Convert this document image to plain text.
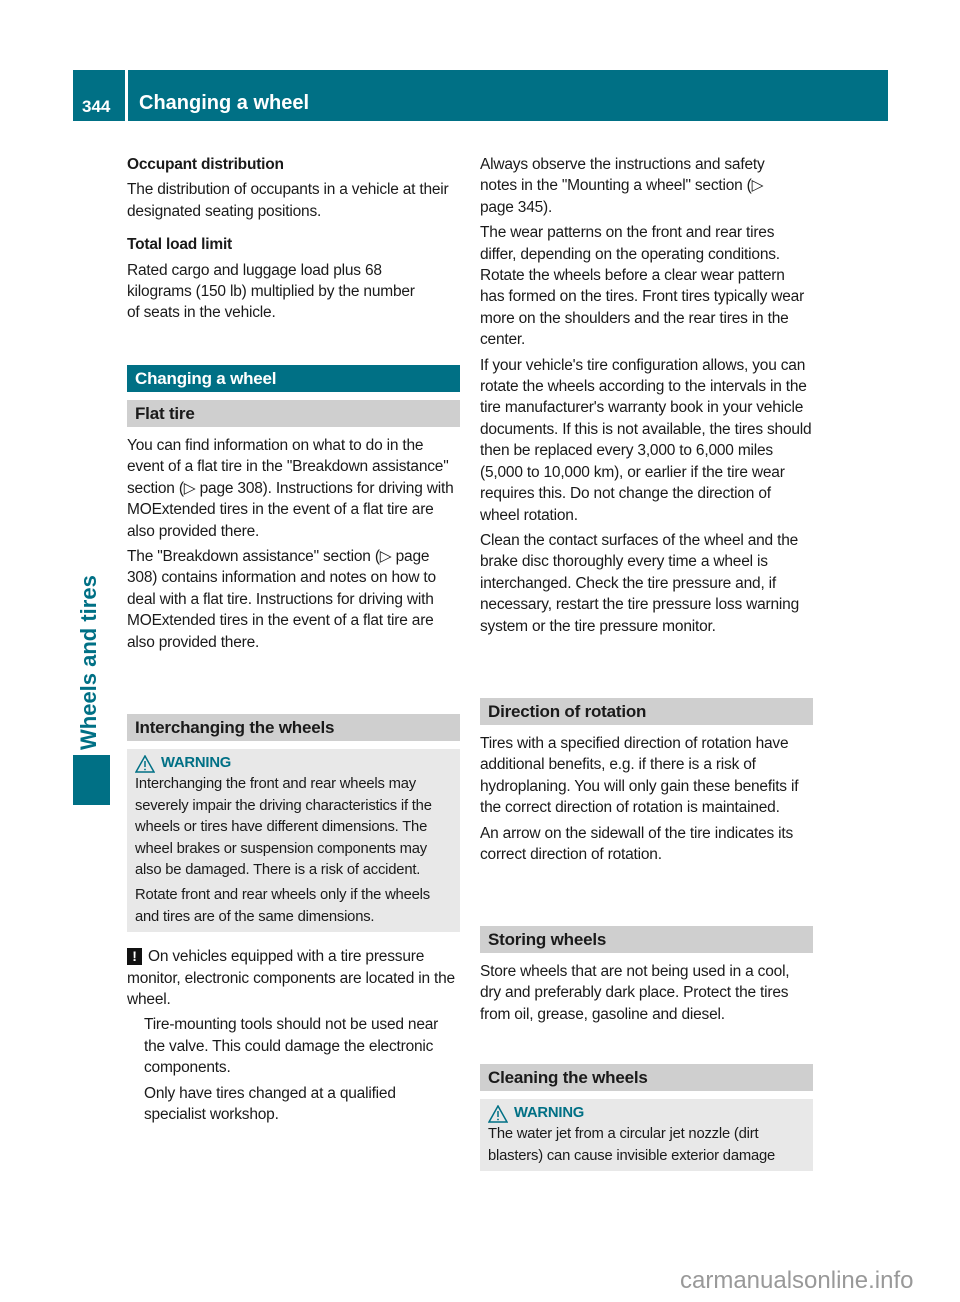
344	Changing a wheel
Wheels and tires

Occupant distribution

The distribution of occupants in a vehicle at their designated seating positions.

Total load limit

Rated cargo and luggage load plus 68 kilograms (150 lb) multiplied by the number of seats in the vehicle.

Changing a wheel
Flat tire

You can find information on what to do in the event of a flat tire in the "Breakdown assistance" section (▷ page 308). Instructions for driving with MOExtended tires in the event of a flat tire are also provided there.

The "Breakdown assistance" section (▷ page 308) contains information and notes on how to deal with a flat tire. Instructions for driving with MOExtended tires in the event of a flat tire are also provided there.

Interchanging the wheels
WARNING

Interchanging the front and rear wheels may severely impair the driving characteristics if the wheels or tires have different dimensions. The wheel brakes or suspension components may also be damaged. There is a risk of accident.

Rotate front and rear wheels only if the wheels and tires are of the same dimensions.

! On vehicles equipped with a tire pressure monitor, electronic components are located in the wheel.

Tire-mounting tools should not be used near the valve. This could damage the electronic components.

Only have tires changed at a qualified specialist workshop.

Always observe the instructions and safety notes in the "Mounting a wheel" section (▷ page 345).

The wear patterns on the front and rear tires differ, depending on the operating conditions. Rotate the wheels before a clear wear pattern has formed on the tires. Front tires typically wear more on the shoulders and the rear tires in the center.

If your vehicle's tire configuration allows, you can rotate the wheels according to the intervals in the tire manufacturer's warranty book in your vehicle documents. If this is not available, the tires should then be replaced every 3,000 to 6,000 miles (5,000 to 10,000 km), or earlier if the tire wear requires this. Do not change the direction of wheel rotation.

Clean the contact surfaces of the wheel and the brake disc thoroughly every time a wheel is interchanged. Check the tire pressure and, if necessary, restart the tire pressure loss warning system or the tire pressure monitor.

Direction of rotation

Tires with a specified direction of rotation have additional benefits, e.g. if there is a risk of hydroplaning. You will only gain these benefits if the correct direction of rotation is maintained.

An arrow on the sidewall of the tire indicates its correct direction of rotation.

Storing wheels

Store wheels that are not being used in a cool, dry and preferably dark place. Protect the tires from oil, grease, gasoline and diesel.

Cleaning the wheels
WARNING

The water jet from a circular jet nozzle (dirt blasters) can cause invisible exterior damage

carmanualsonline.info
